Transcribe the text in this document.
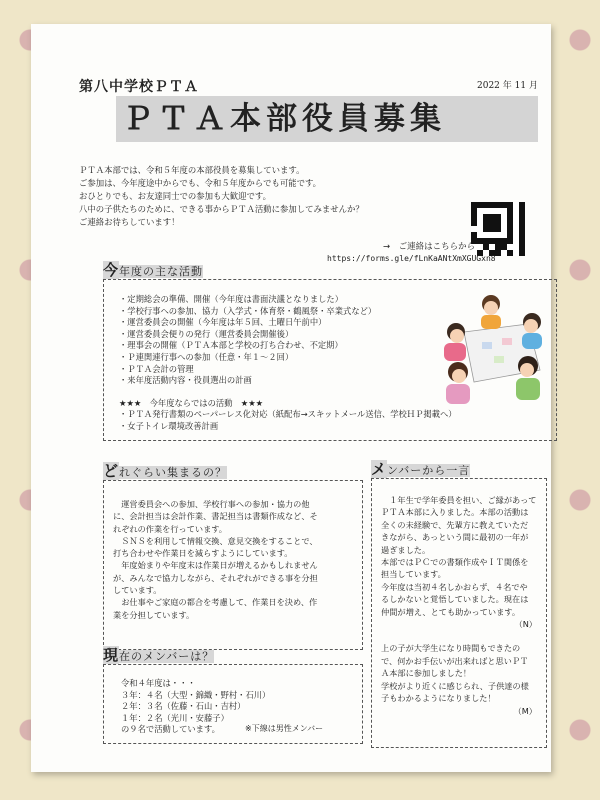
第八中学校ＰＴＡ	2022 年 11 月
ＰＴＡ本部役員募集
ＰＴＡ本部では、令和５年度の本部役員を募集しています。
ご参加は、今年度途中からでも、令和５年度からでも可能です。
おひとりでも、お友達同士での参加も大歓迎です。
八中の子供たちのために、できる事からＰＴＡ活動に参加してみませんか？
ご連絡お待ちしています！
→　ご連絡はこちらから
https://forms.gle/fLnKaANtXmXGUGxn8
今年度の主な活動
・定期総会の準備、開催（今年度は書面決議となりました）
・学校行事への参加、協力（入学式・体育祭・鶴風祭・卒業式など）
・運営委員会の開催（今年度は年５回、土曜日午前中）
・運営委員会便りの発行（運営委員会開催後）
・理事会の開催（ＰＴＡ本部と学校の打ち合わせ、不定期）
・Ｐ連関連行事への参加（任意・年１～２回）
・ＰＴＡ会計の管理
・来年度活動内容・役員選出の計画
★★★　今年度ならではの活動　★★★
・ＰＴＡ発行書類のペーパーレス化対応（紙配布→スキットメール送信、学校ＨＰ掲載へ）
・女子トイレ環境改善計画
どれぐらい集まるの？
　運営委員会への参加、学校行事への参加・協力の他
に、会計担当は会計作業、書記担当は書類作成など、そ
れぞれの作業を行っています。
　ＳＮＳを利用して情報交換、意見交換をすることで、
打ち合わせや作業日を減らすようにしています。
　年度始まりや年度末は作業日が増えるかもしれません
が、みんなで協力しながら、それぞれができる事を分担
しています。
　お仕事やご家庭の都合を考慮して、作業日を決め、作
業を分担しています。
現在のメンバーは？
令和４年度は・・・
３年：４名（大型・錦織・野村・石川）
２年：３名（佐藤・石山・吉村）
１年：２名（光川・安藤子）
の９名で活動しています。	※下線は男性メンバー
メンバーから一言
　１年生で学年委員を担い、ご縁があって
ＰＴＡ本部に入りました。本部の活動は
全くの未経験で、先輩方に教えていただ
きながら、あっという間に最初の一年が
過ぎました。
本部ではＰＣでの書類作成やＩＴ関係を
担当しています。
今年度は当初４名しかおらず、４名でや
るしかないと覚悟していました。現在は
仲間が増え、とても助かっています。
（N）
上の子が大学生になり時間もできたの
で、何かお手伝いが出来ればと思いＰＴ
Ａ本部に参加しました！
学校がより近くに感じられ、子供達の様
子もわかるようになりました！
（M）
